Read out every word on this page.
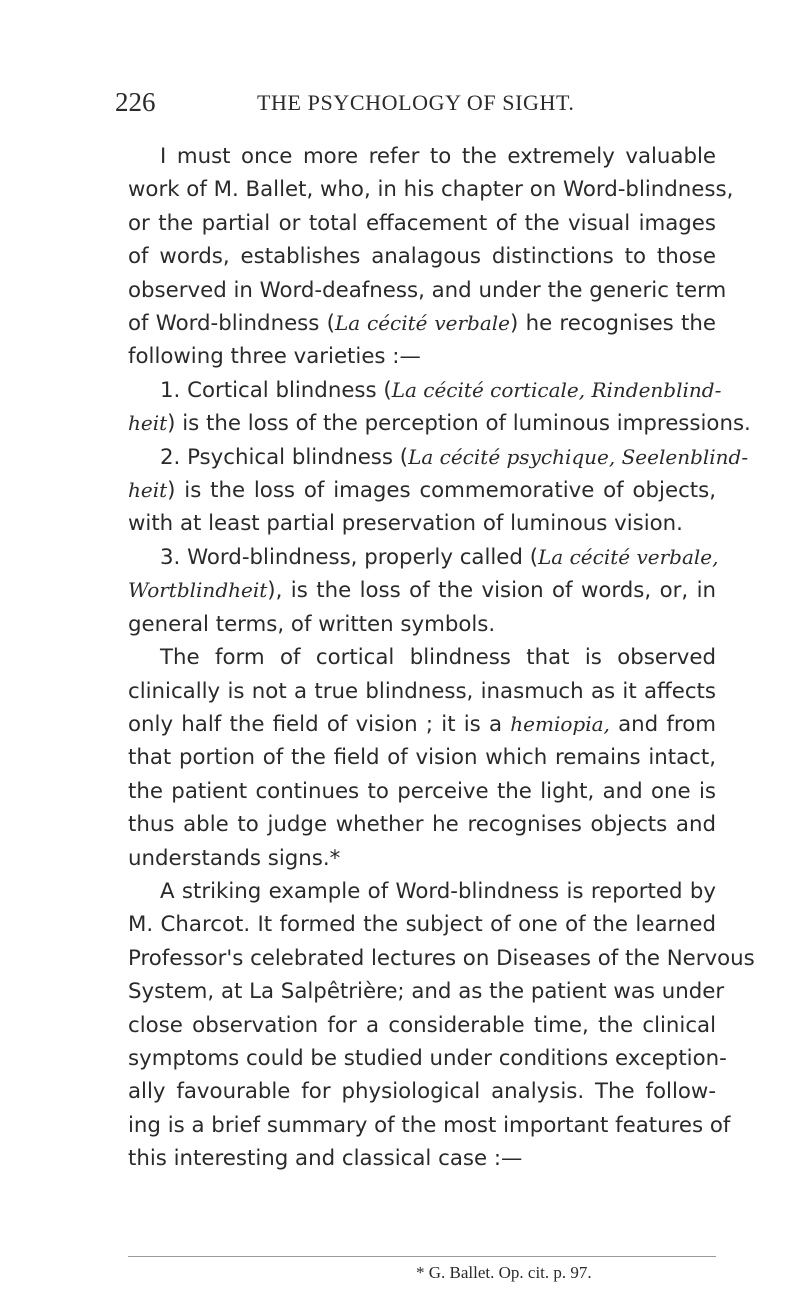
226	THE PSYCHOLOGY OF SIGHT.
I must once more refer to the extremely valuable
work of M. Ballet, who, in his chapter on Word-blindness,
or the partial or total effacement of the visual images
of words, establishes analagous distinctions to those
observed in Word-deafness, and under the generic term
of Word-blindness (La cécité verbale) he recognises the
following three varieties :—
1. Cortical blindness (La cécité corticale, Rindenblind-
heit) is the loss of the perception of luminous impressions.
2. Psychical blindness (La cécité psychique, Seelenblind-
heit) is the loss of images commemorative of objects,
with at least partial preservation of luminous vision.
3. Word-blindness, properly called (La cécité verbale,
Wortblindheit), is the loss of the vision of words, or, in
general terms, of written symbols.
The form of cortical blindness that is observed
clinically is not a true blindness, inasmuch as it affects
only half the field of vision ; it is a hemiopia, and from
that portion of the field of vision which remains intact,
the patient continues to perceive the light, and one is
thus able to judge whether he recognises objects and
understands signs.*
A striking example of Word-blindness is reported by
M. Charcot. It formed the subject of one of the learned
Professor's celebrated lectures on Diseases of the Nervous
System, at La Salpêtrière; and as the patient was under
close observation for a considerable time, the clinical
symptoms could be studied under conditions exception-
ally favourable for physiological analysis. The follow-
ing is a brief summary of the most important features of
this interesting and classical case :—
* G. Ballet. Op. cit. p. 97.
